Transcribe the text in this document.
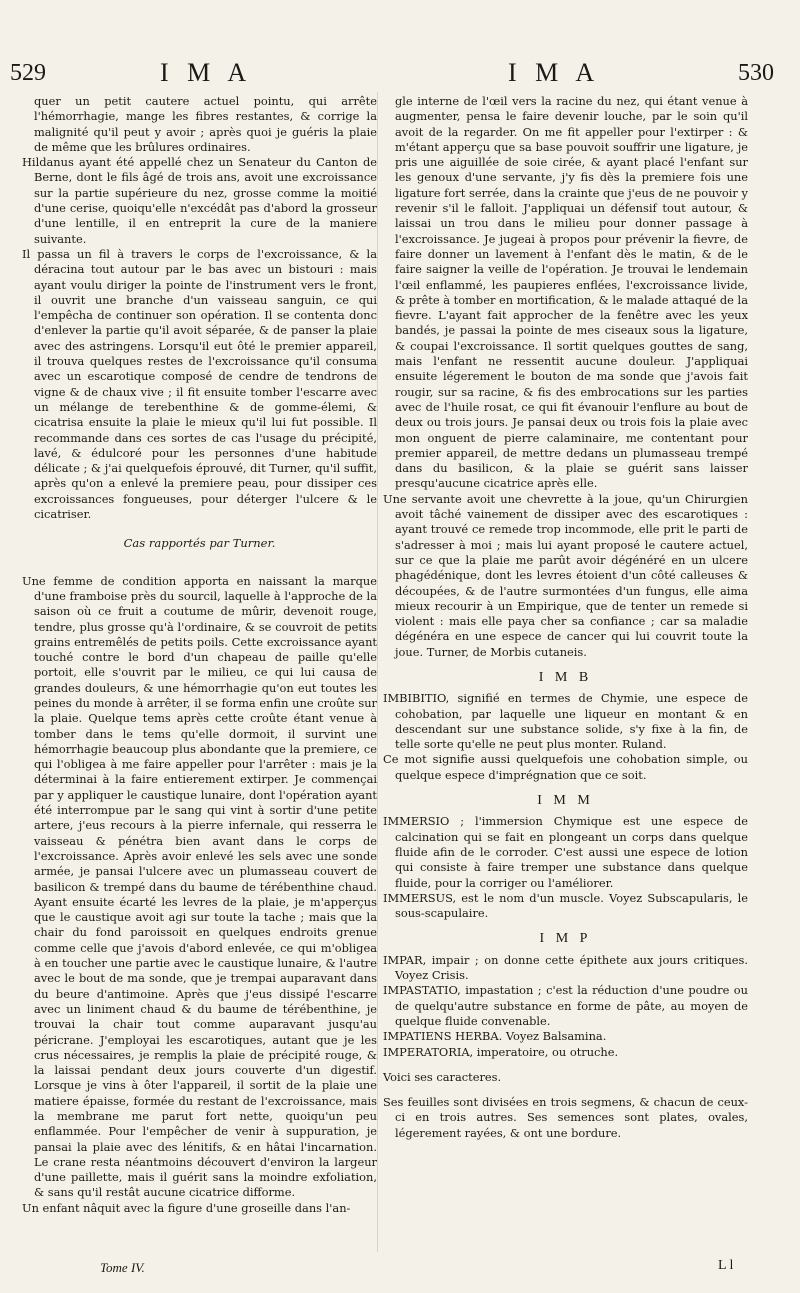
529	I M A	I M A	530

quer un petit cautere actuel pointu, qui arrête l'hémorrhagie, mange les fibres restantes, & corrige la malignité qu'il peut y avoir ; après quoi je guéris la plaie de même que les brûlures ordinaires.

Hildanus ayant été appellé chez un Senateur du Canton de Berne, dont le fils âgé de trois ans, avoit une excroissance sur la partie supérieure du nez, grosse comme la moitié d'une cerise, quoiqu'elle n'excédât pas d'abord la grosseur d'une lentille, il en entreprit la cure de la maniere suivante.

Il passa un fil à travers le corps de l'excroissance, & la déracina tout autour par le bas avec un bistouri : mais ayant voulu diriger la pointe de l'instrument vers le front, il ouvrit une branche d'un vaisseau sanguin, ce qui l'empêcha de continuer son opération. Il se contenta donc d'enlever la partie qu'il avoit séparée, & de panser la plaie avec des astringens. Lorsqu'il eut ôté le premier appareil, il trouva quelques restes de l'excroissance qu'il consuma avec un escarotique composé de cendre de tendrons de vigne & de chaux vive ; il fit ensuite tomber l'escarre avec un mélange de terebenthine & de gomme-élemi, & cicatrisa ensuite la plaie le mieux qu'il lui fut possible. Il recommande dans ces sortes de cas l'usage du précipité, lavé, & édulcoré pour les personnes d'une habitude délicate ; & j'ai quelquefois éprouvé, dit Turner, qu'il suffit, après qu'on a enlevé la premiere peau, pour dissiper ces excroissances fongueuses, pour déterger l'ulcere & le cicatriser.

Cas rapportés par Turner.

Une femme de condition apporta en naissant la marque d'une framboise près du sourcil, laquelle à l'approche de la saison où ce fruit a coutume de mûrir, devenoit rouge, tendre, plus grosse qu'à l'ordinaire, & se couvroit de petits grains entremêlés de petits poils. Cette excroissance ayant touché contre le bord d'un chapeau de paille qu'elle portoit, elle s'ouvrit par le milieu, ce qui lui causa de grandes douleurs, & une hémorrhagie qu'on eut toutes les peines du monde à arrêter, il se forma enfin une croûte sur la plaie. Quelque tems après cette croûte étant venue à tomber dans le tems qu'elle dormoit, il survint une hémorrhagie beaucoup plus abondante que la premiere, ce qui l'obligea à me faire appeller pour l'arrêter : mais je la déterminai à la faire entierement extirper. Je commençai par y appliquer le caustique lunaire, dont l'opération ayant été interrompue par le sang qui vint à sortir d'une petite artere, j'eus recours à la pierre infernale, qui resserra le vaisseau & pénétra bien avant dans le corps de l'excroissance. Après avoir enlevé les sels avec une sonde armée, je pansai l'ulcere avec un plumasseau couvert de basilicon & trempé dans du baume de térébenthine chaud. Ayant ensuite écarté les levres de la plaie, je m'apperçus que le caustique avoit agi sur toute la tache ; mais que la chair du fond paroissoit en quelques endroits grenue comme celle que j'avois d'abord enlevée, ce qui m'obligea à en toucher une partie avec le caustique lunaire, & l'autre avec le bout de ma sonde, que je trempai auparavant dans du beure d'antimoine. Après que j'eus dissipé l'escarre avec un liniment chaud & du baume de térébenthine, je trouvai la chair tout comme auparavant jusqu'au péricrane. J'employai les escarotiques, autant que je les crus nécessaires, je remplis la plaie de précipité rouge, & la laissai pendant deux jours couverte d'un digestif. Lorsque je vins à ôter l'appareil, il sortit de la plaie une matiere épaisse, formée du restant de l'excroissance, mais la membrane me parut fort nette, quoiqu'un peu enflammée. Pour l'empêcher de venir à suppuration, je pansai la plaie avec des lénitifs, & en hâtai l'incarnation. Le crane resta néantmoins découvert d'environ la largeur d'une paillette, mais il guérit sans la moindre exfoliation, & sans qu'il restât aucune cicatrice difforme.

Un enfant nâquit avec la figure d'une groseille dans l'an-

gle interne de l'œil vers la racine du nez, qui étant venue à augmenter, pensa le faire devenir louche, par le soin qu'il avoit de la regarder. On me fit appeller pour l'extirper : & m'étant apperçu que sa base pouvoit souffrir une ligature, je pris une aiguillée de soie cirée, & ayant placé l'enfant sur les genoux d'une servante, j'y fis dès la premiere fois une ligature fort serrée, dans la crainte que j'eus de ne pouvoir y revenir s'il le falloit. J'appliquai un défensif tout autour, & laissai un trou dans le milieu pour donner passage à l'excroissance. Je jugeai à propos pour prévenir la fievre, de faire donner un lavement à l'enfant dès le matin, & de le faire saigner la veille de l'opération. Je trouvai le lendemain l'œil enflammé, les paupieres enflées, l'excroissance livide, & prête à tomber en mortification, & le malade attaqué de la fievre. L'ayant fait approcher de la fenêtre avec les yeux bandés, je passai la pointe de mes ciseaux sous la ligature, & coupai l'excroissance. Il sortit quelques gouttes de sang, mais l'enfant ne ressentit aucune douleur. J'appliquai ensuite légerement le bouton de ma sonde que j'avois fait rougir, sur sa racine, & fis des embrocations sur les parties avec de l'huile rosat, ce qui fit évanouir l'enflure au bout de deux ou trois jours. Je pansai deux ou trois fois la plaie avec mon onguent de pierre calaminaire, me contentant pour premier appareil, de mettre dedans un plumasseau trempé dans du basilicon, & la plaie se guérit sans laisser presqu'aucune cicatrice après elle.

Une servante avoit une chevrette à la joue, qu'un Chirurgien avoit tâché vainement de dissiper avec des escarotiques : ayant trouvé ce remede trop incommode, elle prit le parti de s'adresser à moi ; mais lui ayant proposé le cautere actuel, sur ce que la plaie me parût avoir dégénéré en un ulcere phagédénique, dont les levres étoient d'un côté calleuses & découpées, & de l'autre surmontées d'un fungus, elle aima mieux recourir à un Empirique, que de tenter un remede si violent : mais elle paya cher sa confiance ; car sa maladie dégénéra en une espece de cancer qui lui couvrit toute la joue. Turner, de Morbis cutaneis.

I M B

IMBIBITIO, signifié en termes de Chymie, une espece de cohobation, par laquelle une liqueur en montant & en descendant sur une substance solide, s'y fixe à la fin, de telle sorte qu'elle ne peut plus monter. Ruland.

Ce mot signifie aussi quelquefois une cohobation simple, ou quelque espece d'imprégnation que ce soit.

I M M

IMMERSIO ; l'immersion Chymique est une espece de calcination qui se fait en plongeant un corps dans quelque fluide afin de le corroder. C'est aussi une espece de lotion qui consiste à faire tremper une substance dans quelque fluide, pour la corriger ou l'améliorer.

IMMERSUS, est le nom d'un muscle. Voyez Subscapularis, le sous-scapulaire.

I M P

IMPAR, impair ; on donne cette épithete aux jours critiques. Voyez Crisis.

IMPASTATIO, impastation ; c'est la réduction d'une poudre ou de quelqu'autre substance en forme de pâte, au moyen de quelque fluide convenable.

IMPATIENS HERBA. Voyez Balsamina.

IMPERATORIA, imperatoire, ou otruche.

Voici ses caracteres.

Ses feuilles sont divisées en trois segmens, & chacun de ceux-ci en trois autres. Ses semences sont plates, ovales, légerement rayées, & ont une bordure.

Tome IV.	L l
